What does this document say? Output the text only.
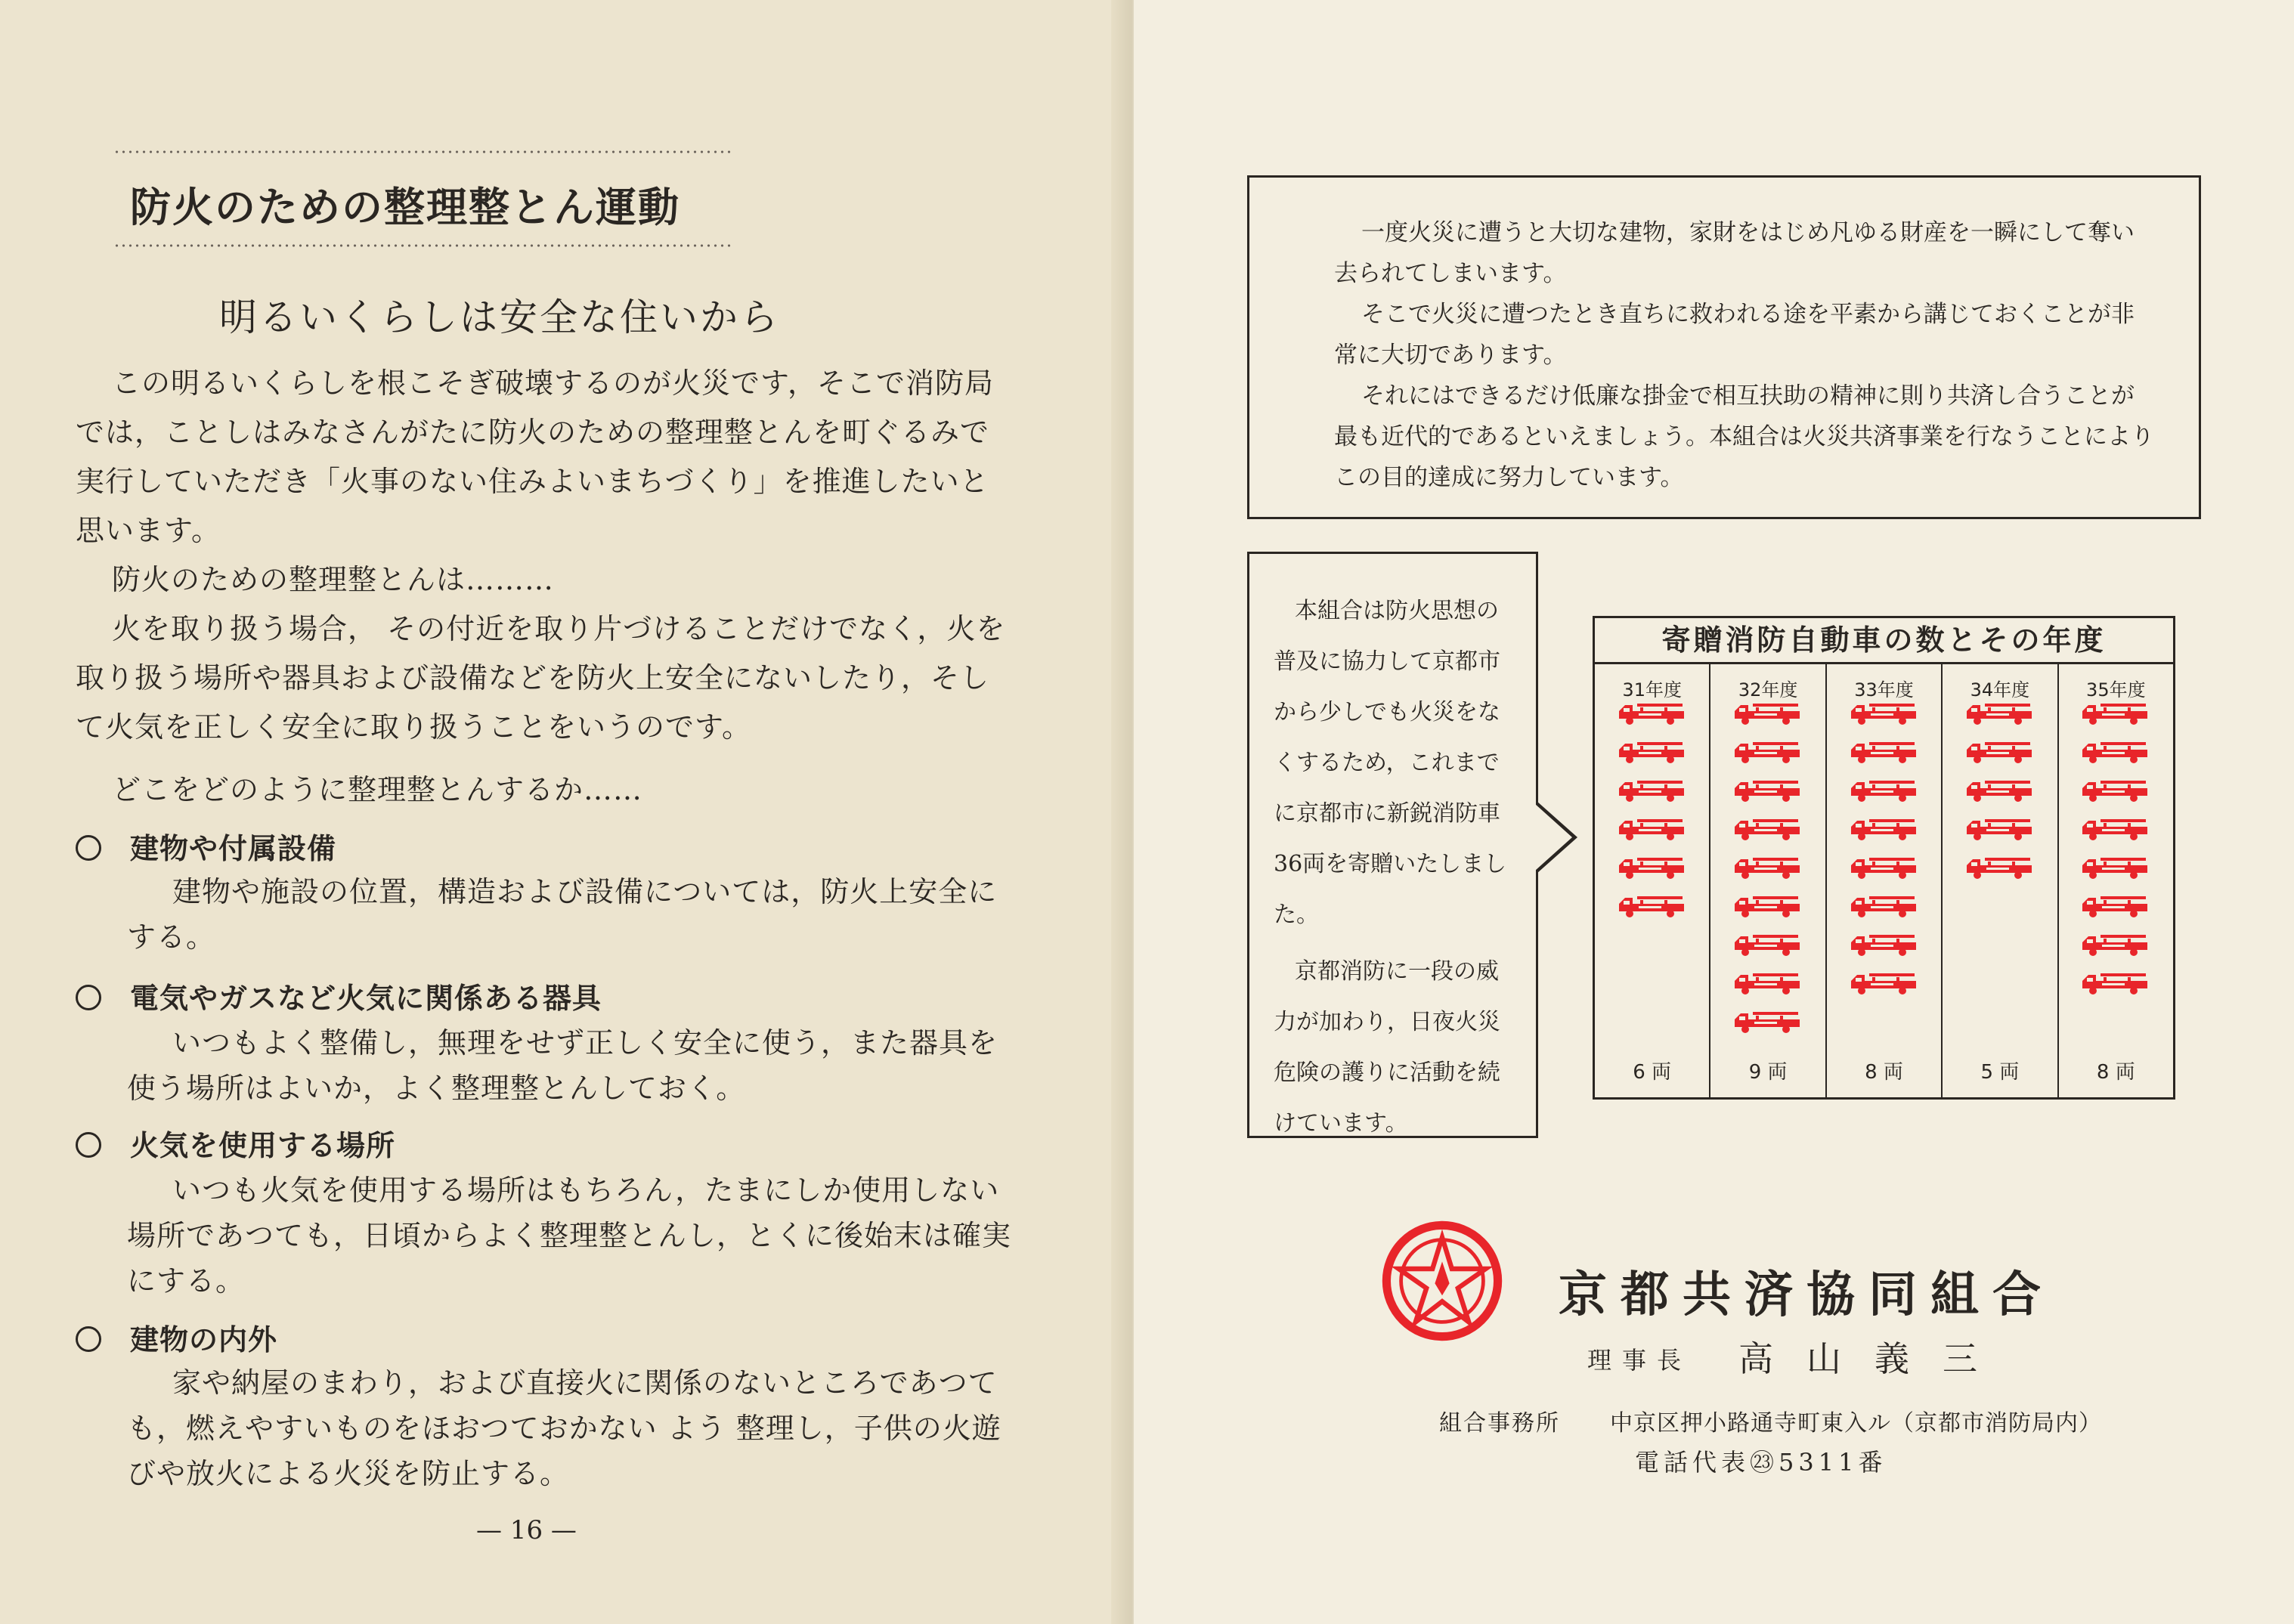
防火のための整理整とん運動
明るいくらしは安全な住いから

この明るいくらしを根こそぎ破壊するのが火災です，そこで消防局では，ことしはみなさんがたに防火のための整理整とんを町ぐるみで実行していただき「火事のない住みよいまちづくり」を推進したいと思います。

防火のための整理整とんは………

火を取り扱う場合， その付近を取り片づけることだけでなく，火を取り扱う場所や器具および設備などを防火上安全にないしたり，そして火気を正しく安全に取り扱うことをいうのです。

どこをどのように整理整とんするか……

建物や付属設備

建物や施設の位置，構造および設備については，防火上安全にする。

電気やガスなど火気に関係ある器具

いつもよく整備し，無理をせず正しく安全に使う，また器具を使う場所はよいか，よく整理整とんしておく。

火気を使用する場所

いつも火気を使用する場所はもちろん，たまにしか使用しない場所であつても，日頃からよく整理整とんし，とくに後始末は確実にする。

建物の内外

家や納屋のまわり，および直接火に関係のないところであつても，燃えやすいものをほおつておかない よう 整理し，子供の火遊びや放火による火災を防止する。

— 16 —

一度火災に遭うと大切な建物，家財をはじめ凡ゆる財産を一瞬にして奪い去られてしまいます。

そこで火災に遭つたとき直ちに救われる途を平素から講じておくことが非常に大切であります。

それにはできるだけ低廉な掛金で相互扶助の精神に則り共済し合うことが最も近代的であるといえましょう。本組合は火災共済事業を行なうことによりこの目的達成に努力しています。

本組合は防火思想の普及に協力して京都市から少しでも火災をなくするため，これまでに京都市に新鋭消防車36両を寄贈いたしました。

京都消防に一段の威力が加わり，日夜火災危険の護りに活動を続けています。

寄贈消防自動車の数とその年度
31年度
6 両
32年度
9 両
33年度
8 両
34年度
5 両
35年度
8 両
京都共済協同組合
理事長 高山義三
組合事務所 中京区押小路通寺町東入ル（京都市消防局内）
電話代表㉓5311番
